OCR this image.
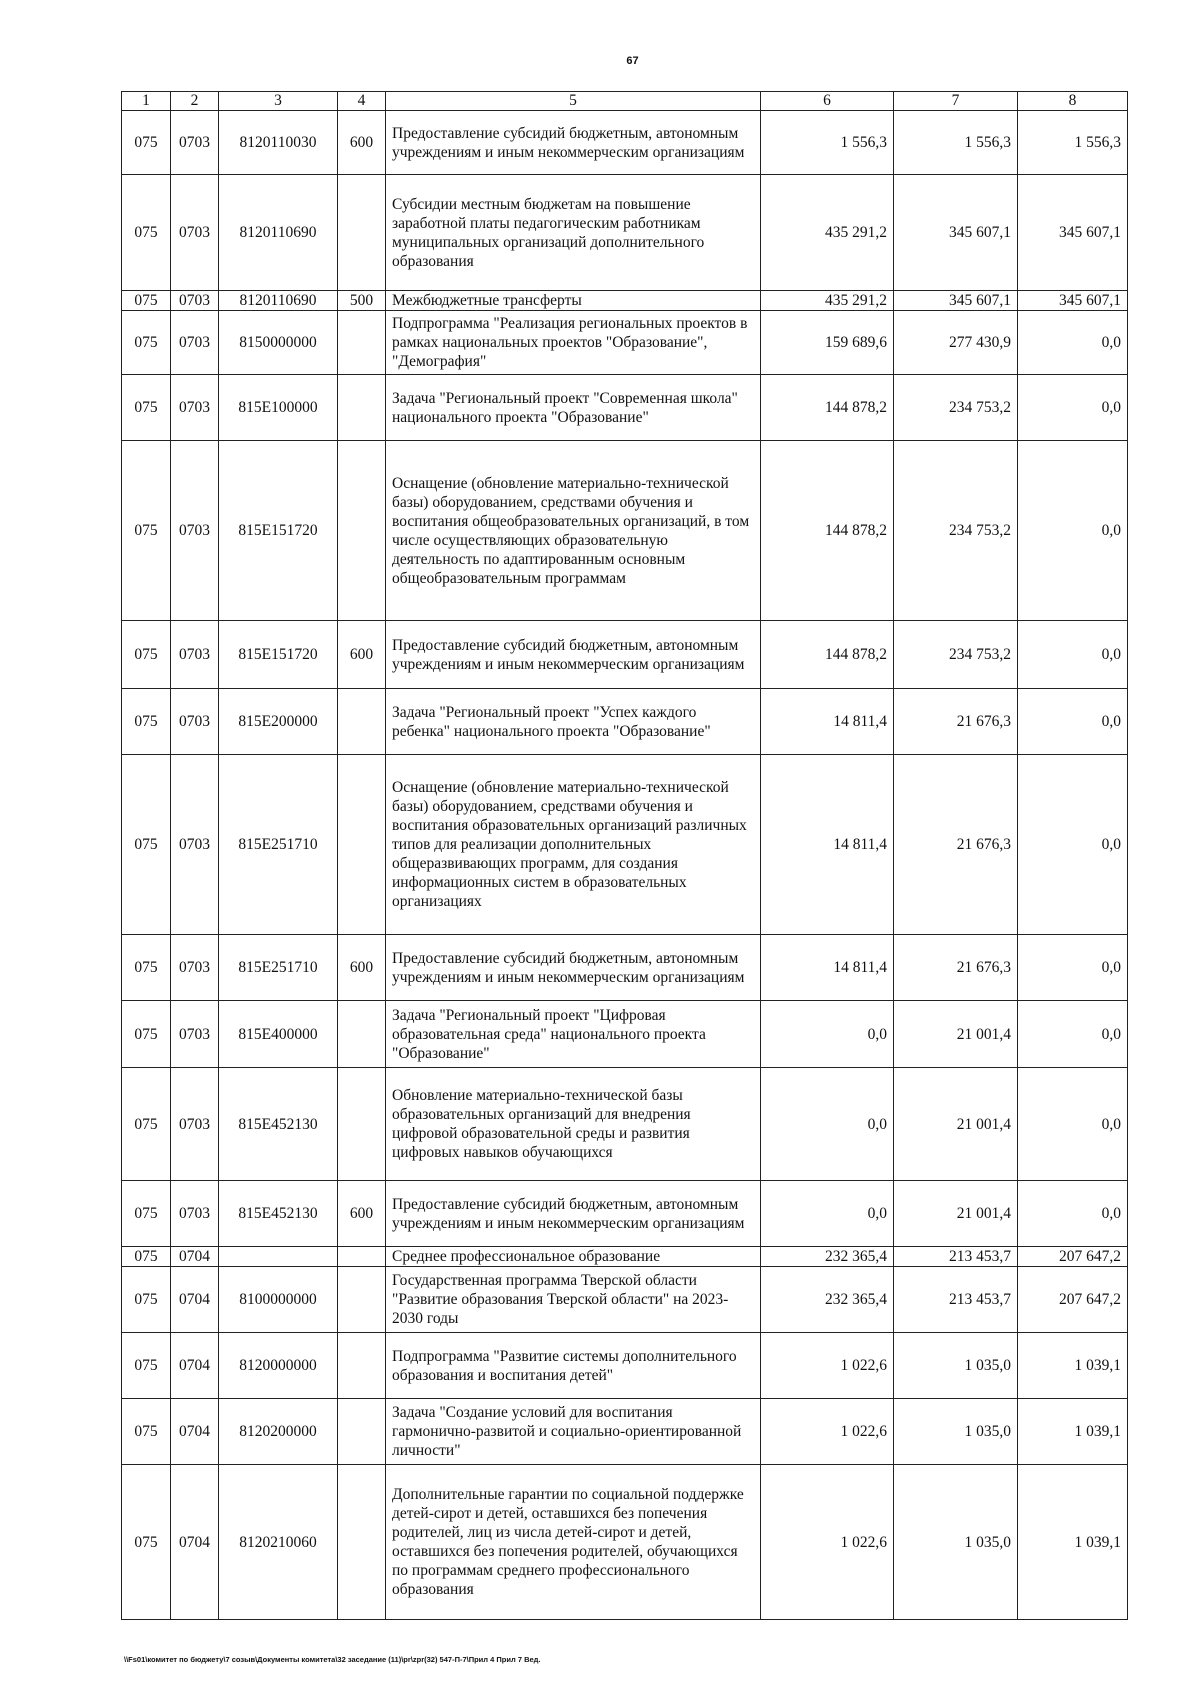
67
1	2	3	4	5	6	7	8
075	0703	8120110030	600	Предоставление субсидий бюджетным, автономным учреждениям и иным некоммерческим организациям	1 556,3	1 556,3	1 556,3
075	0703	8120110690		Субсидии местным бюджетам на повышение заработной платы педагогическим работникам муниципальных организаций дополнительного образования	435 291,2	345 607,1	345 607,1
075	0703	8120110690	500	Межбюджетные трансферты	435 291,2	345 607,1	345 607,1
075	0703	8150000000		Подпрограмма "Реализация региональных проектов в рамках национальных проектов "Образование", "Демография"	159 689,6	277 430,9	0,0
075	0703	815E100000		Задача "Региональный проект "Современная школа" национального проекта "Образование"	144 878,2	234 753,2	0,0
075	0703	815E151720		Оснащение (обновление материально-технической базы) оборудованием, средствами обучения и воспитания общеобразовательных организаций, в том числе осуществляющих образовательную деятельность по адаптированным основным общеобразовательным программам	144 878,2	234 753,2	0,0
075	0703	815E151720	600	Предоставление субсидий бюджетным, автономным учреждениям и иным некоммерческим организациям	144 878,2	234 753,2	0,0
075	0703	815E200000		Задача "Региональный проект "Успех каждого ребенка" национального проекта "Образование"	14 811,4	21 676,3	0,0
075	0703	815E251710		Оснащение (обновление материально-технической базы) оборудованием, средствами обучения и воспитания образовательных организаций различных типов для реализации дополнительных общеразвивающих программ, для создания информационных систем в образовательных организациях	14 811,4	21 676,3	0,0
075	0703	815E251710	600	Предоставление субсидий бюджетным, автономным учреждениям и иным некоммерческим организациям	14 811,4	21 676,3	0,0
075	0703	815E400000		Задача "Региональный проект "Цифровая образовательная среда" национального проекта "Образование"	0,0	21 001,4	0,0
075	0703	815E452130		Обновление материально-технической базы образовательных организаций для внедрения цифровой образовательной среды и развития цифровых навыков обучающихся	0,0	21 001,4	0,0
075	0703	815E452130	600	Предоставление субсидий бюджетным, автономным учреждениям и иным некоммерческим организациям	0,0	21 001,4	0,0
075	0704			Среднее профессиональное образование	232 365,4	213 453,7	207 647,2
075	0704	8100000000		Государственная программа Тверской области "Развитие образования Тверской области" на 2023-2030 годы	232 365,4	213 453,7	207 647,2
075	0704	8120000000		Подпрограмма "Развитие системы дополнительного образования и воспитания детей"	1 022,6	1 035,0	1 039,1
075	0704	8120200000		Задача "Создание условий для воспитания гармонично-развитой и социально-ориентированной личности"	1 022,6	1 035,0	1 039,1
075	0704	8120210060		Дополнительные гарантии по социальной поддержке детей-сирот и детей, оставшихся без попечения родителей, лиц из числа детей-сирот и детей, оставшихся без попечения родителей, обучающихся по программам среднего профессионального образования	1 022,6	1 035,0	1 039,1
\\Fs01\комитет по бюджету\7 созыв\Документы комитета\32 заседание (11)\pr\zpr(32) 547-П-7\Прил 4 Прил 7 Вед.
